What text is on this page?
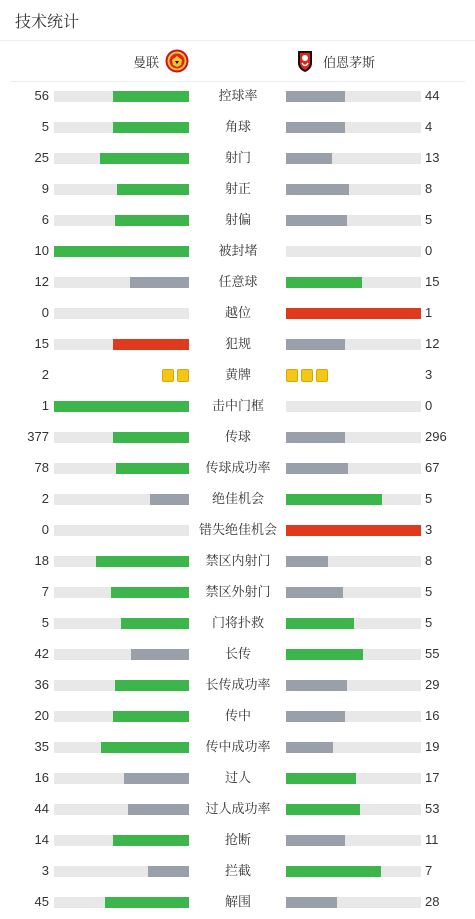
技术统计
曼联	伯恩茅斯
56	控球率	44
5	角球	4
25	射门	13
9	射正	8
6	射偏	5
10	被封堵	0
12	任意球	15
0	越位	1
15	犯规	12
2	黄牌	3
1	击中门框	0
377	传球	296
78	传球成功率	67
2	绝佳机会	5
0	错失绝佳机会	3
18	禁区内射门	8
7	禁区外射门	5
5	门将扑救	5
42	长传	55
36	长传成功率	29
20	传中	16
35	传中成功率	19
16	过人	17
44	过人成功率	53
14	抢断	11
3	拦截	7
45	解围	28
